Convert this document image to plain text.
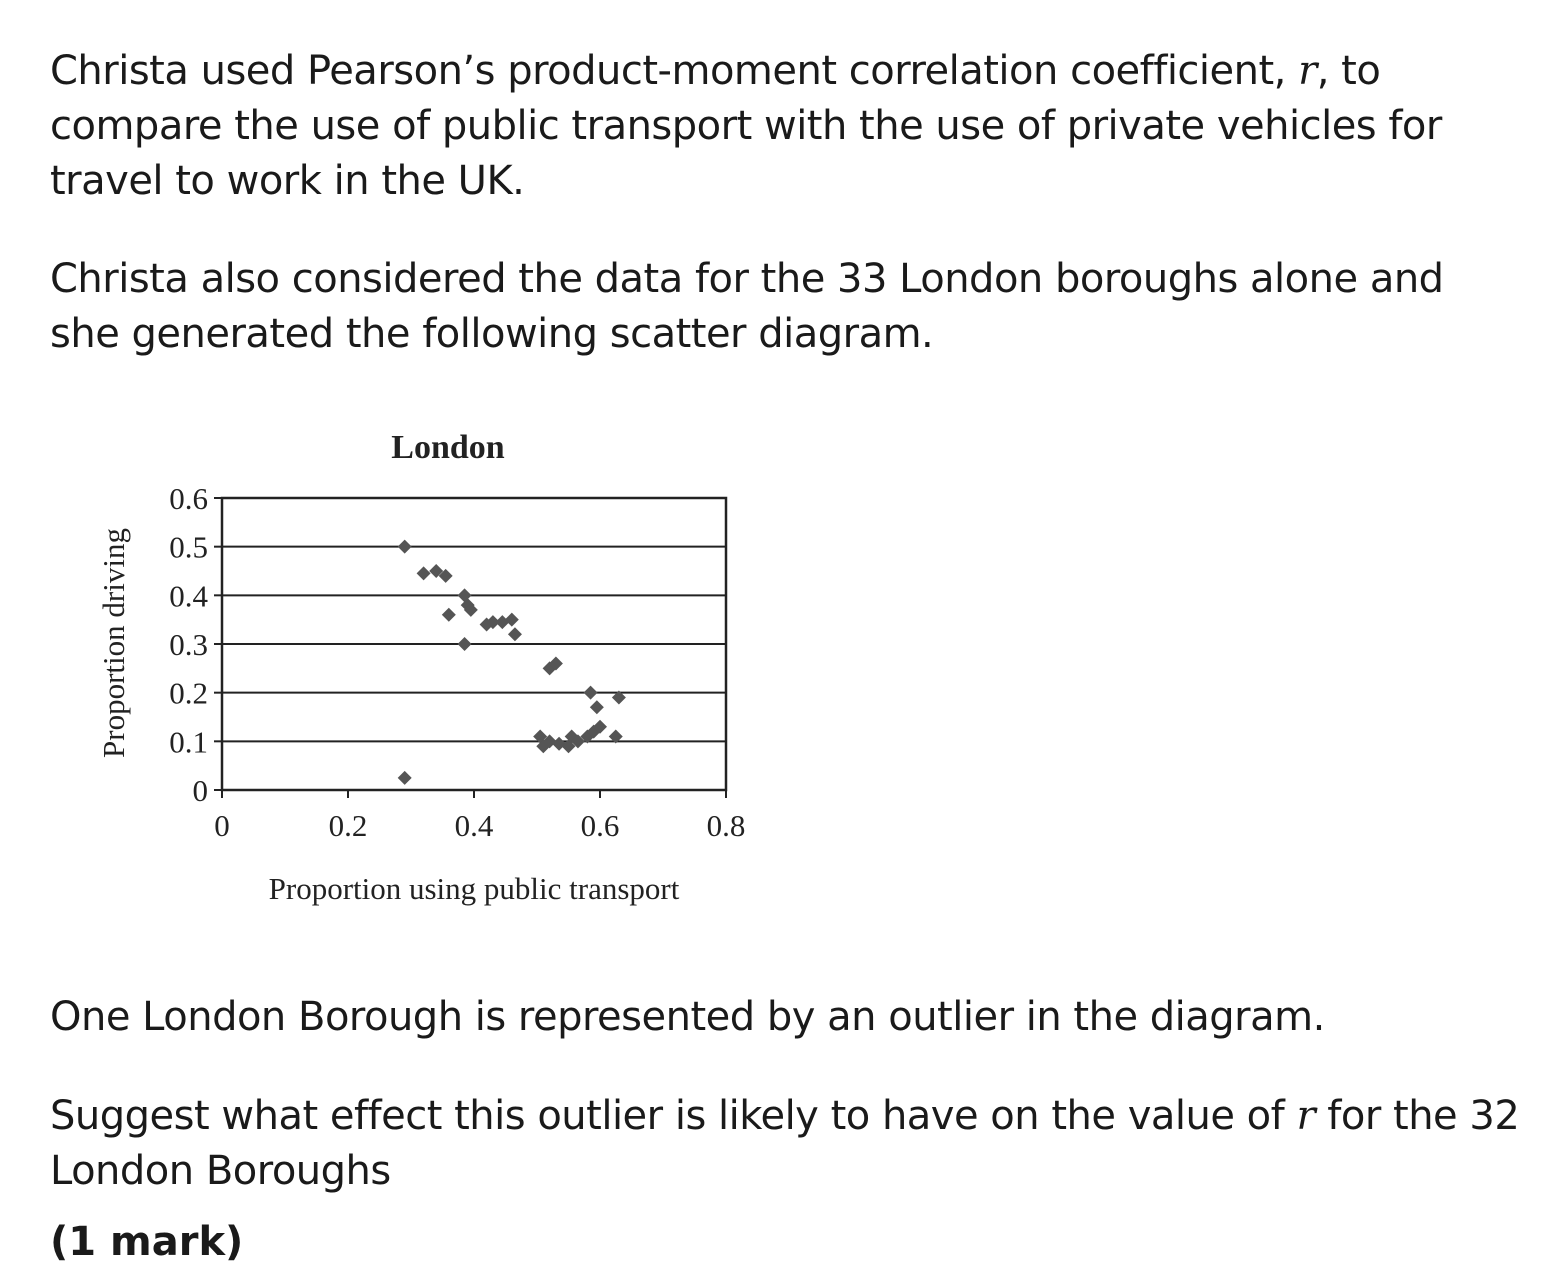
Christa used Pearson’s product-moment correlation coefficient, r, to compare the use of public transport with the use of private vehicles for travel to work in the UK.

Christa also considered the data for the 33 London boroughs alone and she generated the following scatter diagram.

London
Proportion driving
Proportion using public transport
0
0.1
0.2
0.3
0.4
0.5
0.6
0	0.2	0.4	0.6	0.8

One London Borough is represented by an outlier in the diagram.

Suggest what effect this outlier is likely to have on the value of r for the 32 London Boroughs

(1 mark)
